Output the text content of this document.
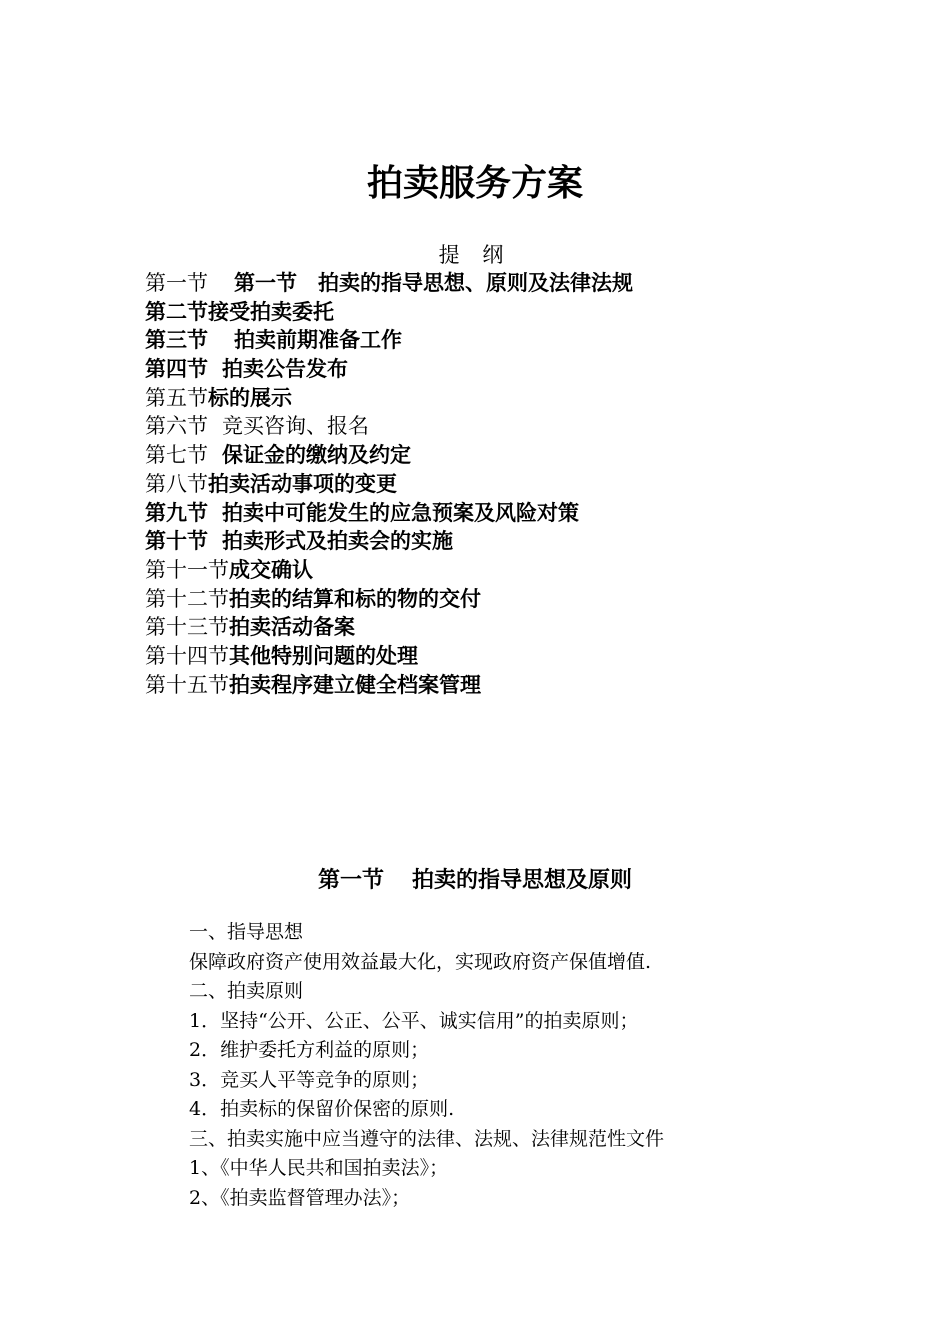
拍卖服务方案
提 纲
第一节 第一节　拍卖的指导思想、原则及法律法规
第二节接受拍卖委托
第三节 拍卖前期准备工作
第四节 拍卖公告发布
第五节标的展示
第六节 竞买咨询、报名
第七节 保证金的缴纳及约定
第八节拍卖活动事项的变更
第九节 拍卖中可能发生的应急预案及风险对策
第十节 拍卖形式及拍卖会的实施
第十一节成交确认
第十二节拍卖的结算和标的物的交付
第十三节拍卖活动备案
第十四节其他特别问题的处理
第十五节拍卖程序建立健全档案管理
第一节 拍卖的指导思想及原则
一、指导思想
保障政府资产使用效益最大化，实现政府资产保值增值.
二、拍卖原则
1．坚持“公开、公正、公平、诚实信用”的拍卖原则；
2．维护委托方利益的原则；
3．竞买人平等竞争的原则；
4．拍卖标的保留价保密的原则.
三、拍卖实施中应当遵守的法律、法规、法律规范性文件
1、《中华人民共和国拍卖法》；
2、《拍卖监督管理办法》；
